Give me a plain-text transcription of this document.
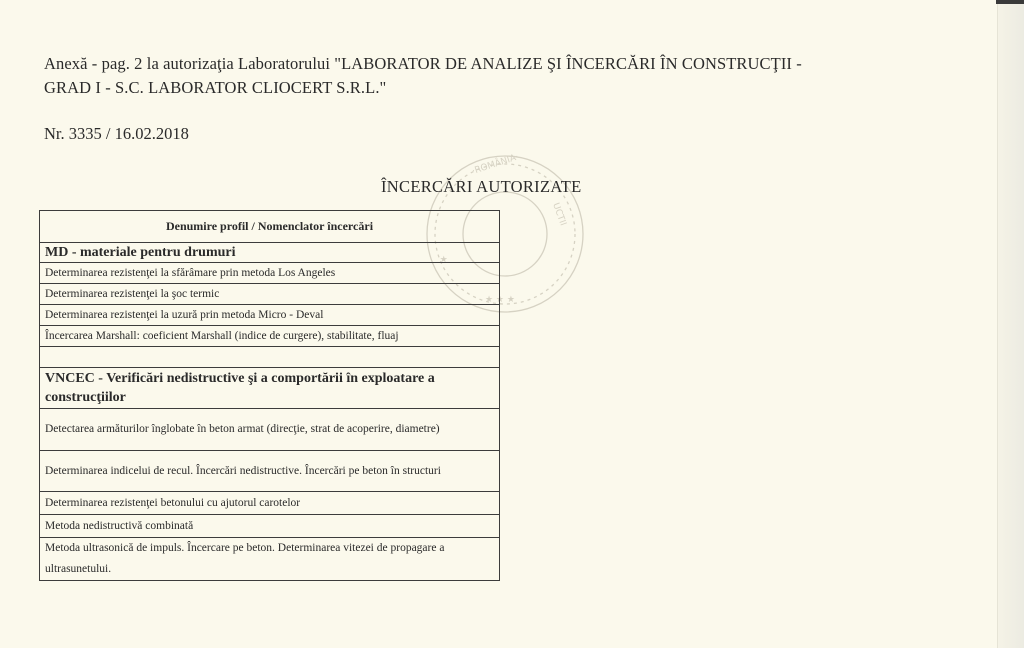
Anexă - pag. 2 la autorizaţia Laboratorului "LABORATOR DE ANALIZE ŞI ÎNCERCĂRI ÎN CONSTRUCŢII -
GRAD I - S.C. LABORATOR CLIOCERT S.R.L."
Nr. 3335 / 16.02.2018
·ROMÂNIA·
UCTII
★
★ ★ ★
ÎNCERCĂRI AUTORIZATE
Denumire profil / Nomenclator încercări
MD - materiale pentru drumuri
Determinarea rezistenţei la sfărâmare prin metoda Los Angeles
Determinarea rezistenţei la şoc termic
Determinarea rezistenţei la uzură prin metoda Micro - Deval
Încercarea Marshall: coeficient Marshall (indice de curgere), stabilitate, fluaj

VNCEC - Verificări nedistructive şi a comportării în exploatare a construcţiilor
Detectarea armăturilor înglobate în beton armat (direcţie, strat de acoperire, diametre)
Determinarea indicelui de recul. Încercări nedistructive. Încercări pe beton în structuri
Determinarea rezistenţei betonului cu ajutorul carotelor
Metoda nedistructivă combinată
Metoda ultrasonică de impuls. Încercare pe beton. Determinarea vitezei de propagare a ultrasunetului.
